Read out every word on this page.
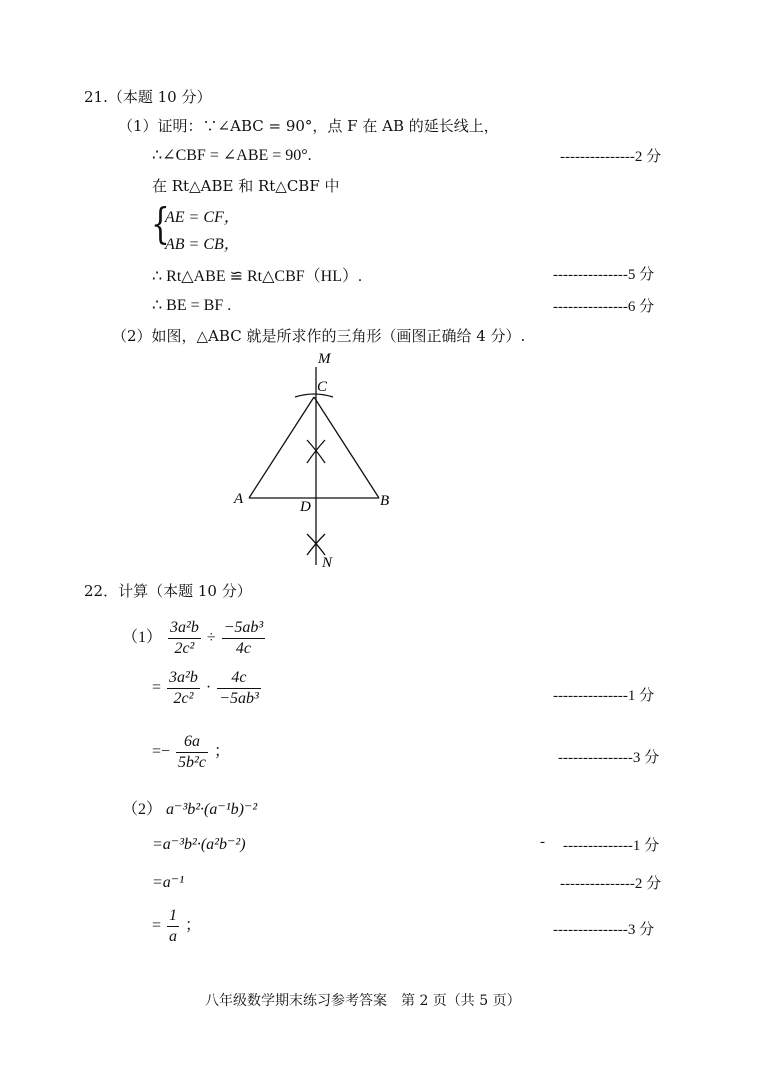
21.（本题 10 分）
（1）证明：∵∠ABC = 90°，点 F 在 AB 的延长线上，
∴∠CBF = ∠ABE = 90°.	---------------2 分
在 Rt△ABE 和 Rt△CBF 中
{
AE = CF，
AB = CB，
∴ Rt△ABE ≌ Rt△CBF（HL）.	---------------5 分
∴ BE = BF .	---------------6 分
（2）如图，△ABC 就是所求作的三角形（画图正确给 4 分）.
M
C
A	D	B
N
22．计算（本题 10 分）
$(1) \frac{\text{3a²b}}{\text{2c²}} \div \frac{\text{−5ab³}}{4c}$
= $\frac{\text{3a²b}}{\text{2c²}} \cdot \frac{4c}{\text{−5ab³}}$	---------------1 分
=− $\frac{6a}{\text{5b²c}}$ ；	---------------3 分
（2） a⁻³b²·(a⁻¹b)⁻²
=a⁻³b²·(a²b⁻²)	- --------------1 分
=a⁻¹	---------------2 分
= $\frac{1}{a}$ ；	---------------3 分
八年级数学期末练习参考答案　第 2 页（共 5 页）
